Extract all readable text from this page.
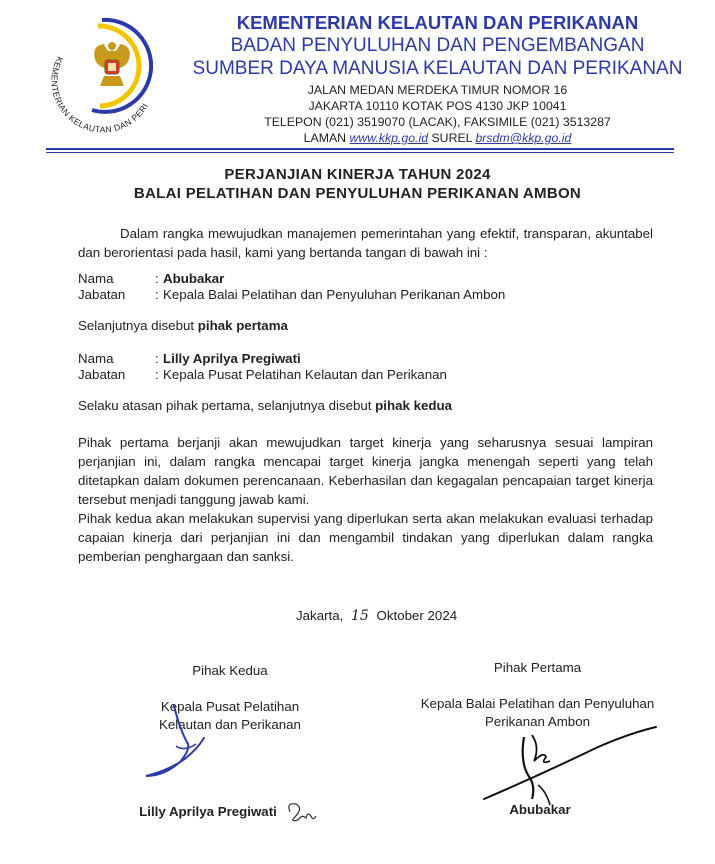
KEMENTERIAN KELAUTAN DAN PERIKANAN
KEMENTERIAN KELAUTAN DAN PERIKANAN
BADAN PENYULUHAN DAN PENGEMBANGAN
SUMBER DAYA MANUSIA KELAUTAN DAN PERIKANAN
JALAN MEDAN MERDEKA TIMUR NOMOR 16
JAKARTA 10110 KOTAK POS 4130 JKP 10041
TELEPON (021) 3519070 (LACAK), FAKSIMILE (021) 3513287
LAMAN www.kkp.go.id SUREL brsdm@kkp.go.id
PERJANJIAN KINERJA TAHUN 2024
BALAI PELATIHAN DAN PENYULUHAN PERIKANAN AMBON
Dalam rangka mewujudkan manajemen pemerintahan yang efektif, transparan, akuntabel dan berorientasi pada hasil, kami yang bertanda tangan di bawah ini :
Nama	: Abubakar
Jabatan : Kepala Balai Pelatihan dan Penyuluhan Perikanan Ambon
Selanjutnya disebut pihak pertama
Nama	: Lilly Aprilya Pregiwati
Jabatan : Kepala Pusat Pelatihan Kelautan dan Perikanan
Selaku atasan pihak pertama, selanjutnya disebut pihak kedua
Pihak pertama berjanji akan mewujudkan target kinerja yang seharusnya sesuai lampiran perjanjian ini, dalam rangka mencapai target kinerja jangka menengah seperti yang telah ditetapkan dalam dokumen perencanaan. Keberhasilan dan kegagalan pencapaian target kinerja tersebut menjadi tanggung jawab kami.
Pihak kedua akan melakukan supervisi yang diperlukan serta akan melakukan evaluasi terhadap capaian kinerja dari perjanjian ini dan mengambil tindakan yang diperlukan dalam rangka pemberian penghargaan dan sanksi.
Jakarta, 15 Oktober 2024
Pihak Kedua
Kepala Pusat Pelatihan
Kelautan dan Perikanan
Lilly Aprilya Pregiwati
Pihak Pertama
Kepala Balai Pelatihan dan Penyuluhan
Perikanan Ambon
Abubakar
